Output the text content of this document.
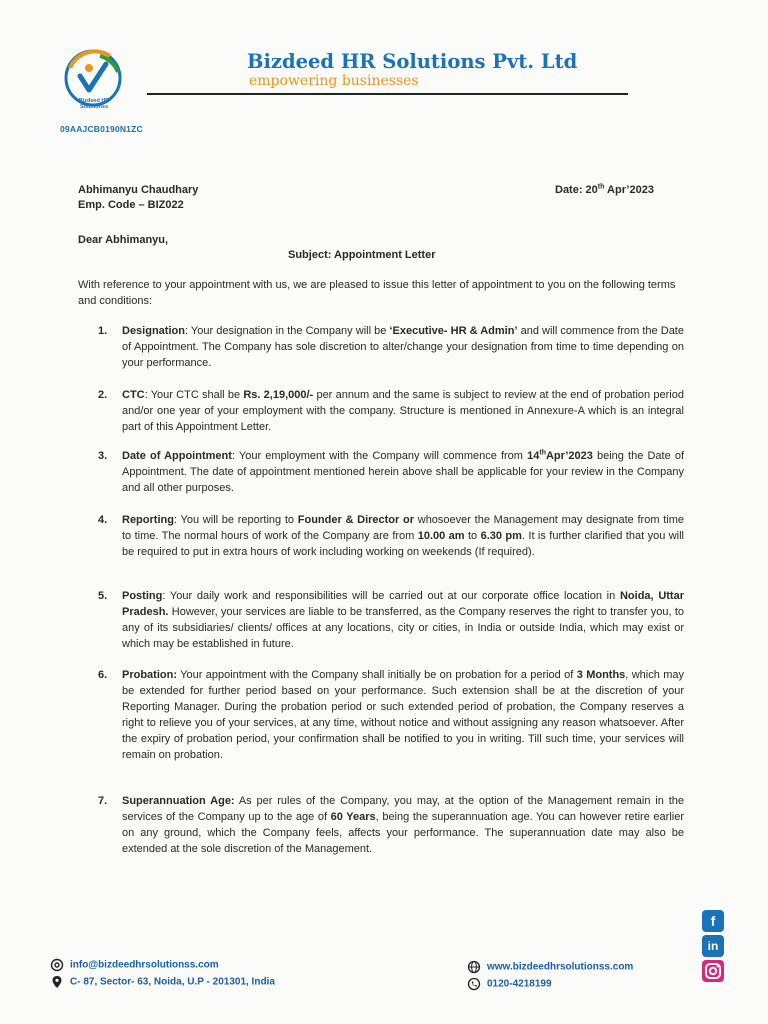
Bizdeed HR
Solutionss
09AAJCB0190N1ZC
Bizdeed HR Solutions Pvt. Ltd
empowering businesses
Abhimanyu Chaudhary
Emp. Code – BIZ022
Date: 20th Apr’2023
Dear Abhimanyu,
Subject: Appointment Letter
With reference to your appointment with us, we are pleased to issue this letter of appointment to you on the following terms and conditions:
1. Designation: Your designation in the Company will be ‘Executive- HR & Admin’ and will commence from the Date of Appointment. The Company has sole discretion to alter/change your designation from time to time depending on your performance.
2. CTC: Your CTC shall be Rs. 2,19,000/- per annum and the same is subject to review at the end of probation period and/or one year of your employment with the company. Structure is mentioned in Annexure-A which is an integral part of this Appointment Letter.
3. Date of Appointment: Your employment with the Company will commence from 14thApr’2023 being the Date of Appointment. The date of appointment mentioned herein above shall be applicable for your review in the Company and all other purposes.
4. Reporting: You will be reporting to Founder & Director or whosoever the Management may designate from time to time. The normal hours of work of the Company are from 10.00 am to 6.30 pm. It is further clarified that you will be required to put in extra hours of work including working on weekends (If required).
5. Posting: Your daily work and responsibilities will be carried out at our corporate office location in Noida, Uttar Pradesh. However, your services are liable to be transferred, as the Company reserves the right to transfer you, to any of its subsidiaries/ clients/ offices at any locations, city or cities, in India or outside India, which may exist or which may be established in future.
6. Probation: Your appointment with the Company shall initially be on probation for a period of 3 Months, which may be extended for further period based on your performance. Such extension shall be at the discretion of your Reporting Manager. During the probation period or such extended period of probation, the Company reserves a right to relieve you of your services, at any time, without notice and without assigning any reason whatsoever. After the expiry of probation period, your confirmation shall be notified to you in writing. Till such time, your services will remain on probation.
7. Superannuation Age: As per rules of the Company, you may, at the option of the Management remain in the services of the Company up to the age of 60 Years, being the superannuation age. You can however retire earlier on any ground, which the Company feels, affects your performance. The superannuation date may also be extended at the sole discretion of the Management.
f
in
info@bizdeedhrsolutionss.com
C- 87, Sector- 63, Noida, U.P - 201301, India
www.bizdeedhrsolutionss.com
0120-4218199
